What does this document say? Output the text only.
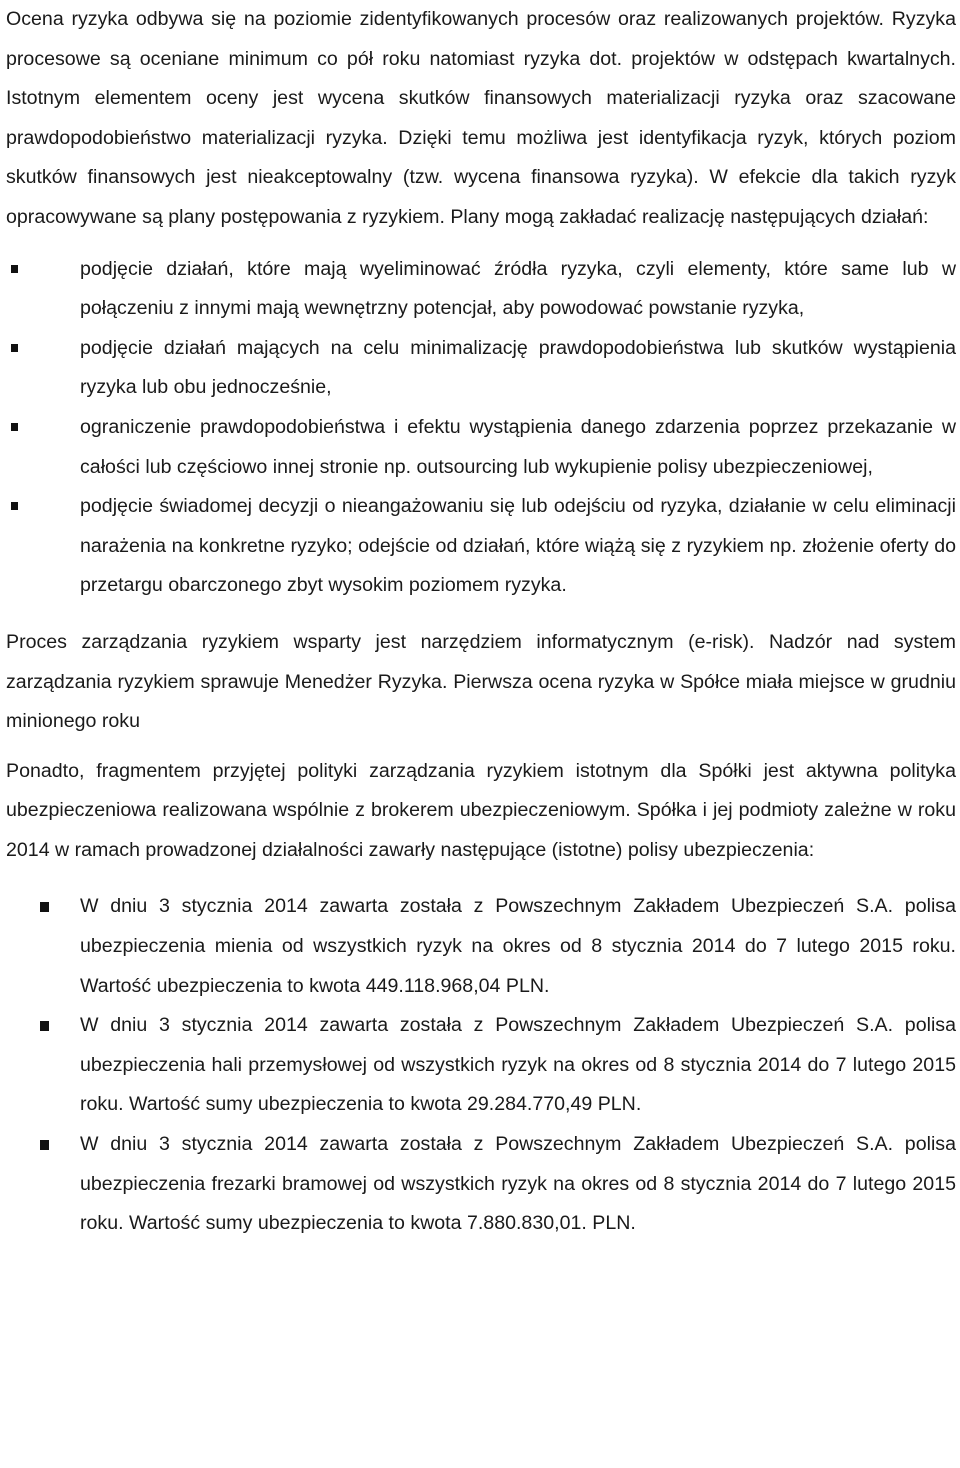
Ocena ryzyka odbywa się na poziomie zidentyfikowanych procesów oraz realizowanych projektów. Ryzyka procesowe są oceniane minimum co pół roku natomiast ryzyka dot. projektów w odstępach kwartalnych. Istotnym elementem oceny jest wycena skutków finansowych materializacji ryzyka oraz szacowane prawdopodobieństwo materializacji ryzyka. Dzięki temu możliwa jest identyfikacja ryzyk, których poziom skutków finansowych jest nieakceptowalny (tzw. wycena finansowa ryzyka). W efekcie dla takich ryzyk opracowywane są plany postępowania z ryzykiem. Plany mogą zakładać realizację następujących działań:

podjęcie działań, które mają wyeliminować źródła ryzyka, czyli elementy, które same lub w połączeniu z innymi mają wewnętrzny potencjał, aby powodować powstanie ryzyka,
podjęcie działań mających na celu minimalizację prawdopodobieństwa lub skutków wystąpienia ryzyka lub obu jednocześnie,
ograniczenie prawdopodobieństwa i efektu wystąpienia danego zdarzenia poprzez przekazanie w całości lub częściowo innej stronie np. outsourcing lub wykupienie polisy ubezpieczeniowej,
podjęcie świadomej decyzji o nieangażowaniu się lub odejściu od ryzyka, działanie w celu eliminacji narażenia na konkretne ryzyko; odejście od działań, które wiążą się z ryzykiem np. złożenie oferty do przetargu obarczonego zbyt wysokim poziomem ryzyka.

Proces zarządzania ryzykiem wsparty jest narzędziem informatycznym (e-risk). Nadzór nad system zarządzania ryzykiem sprawuje Menedżer Ryzyka. Pierwsza ocena ryzyka w Spółce miała miejsce w grudniu minionego roku

Ponadto, fragmentem przyjętej polityki zarządzania ryzykiem istotnym dla Spółki jest aktywna polityka ubezpieczeniowa realizowana wspólnie z brokerem ubezpieczeniowym. Spółka i jej podmioty zależne w roku 2014 w ramach prowadzonej działalności zawarły następujące (istotne) polisy ubezpieczenia:

W dniu 3 stycznia 2014 zawarta została z Powszechnym Zakładem Ubezpieczeń S.A. polisa ubezpieczenia mienia od wszystkich ryzyk na okres od 8 stycznia 2014 do 7 lutego 2015 roku. Wartość ubezpieczenia to kwota 449.118.968,04 PLN.
W dniu 3 stycznia 2014 zawarta została z Powszechnym Zakładem Ubezpieczeń S.A. polisa ubezpieczenia hali przemysłowej od wszystkich ryzyk na okres od 8 stycznia 2014 do 7 lutego 2015 roku. Wartość sumy ubezpieczenia to kwota 29.284.770,49 PLN.
W dniu 3 stycznia 2014 zawarta została z Powszechnym Zakładem Ubezpieczeń S.A. polisa ubezpieczenia frezarki bramowej od wszystkich ryzyk na okres od 8 stycznia 2014 do 7 lutego 2015 roku. Wartość sumy ubezpieczenia to kwota 7.880.830,01. PLN.
